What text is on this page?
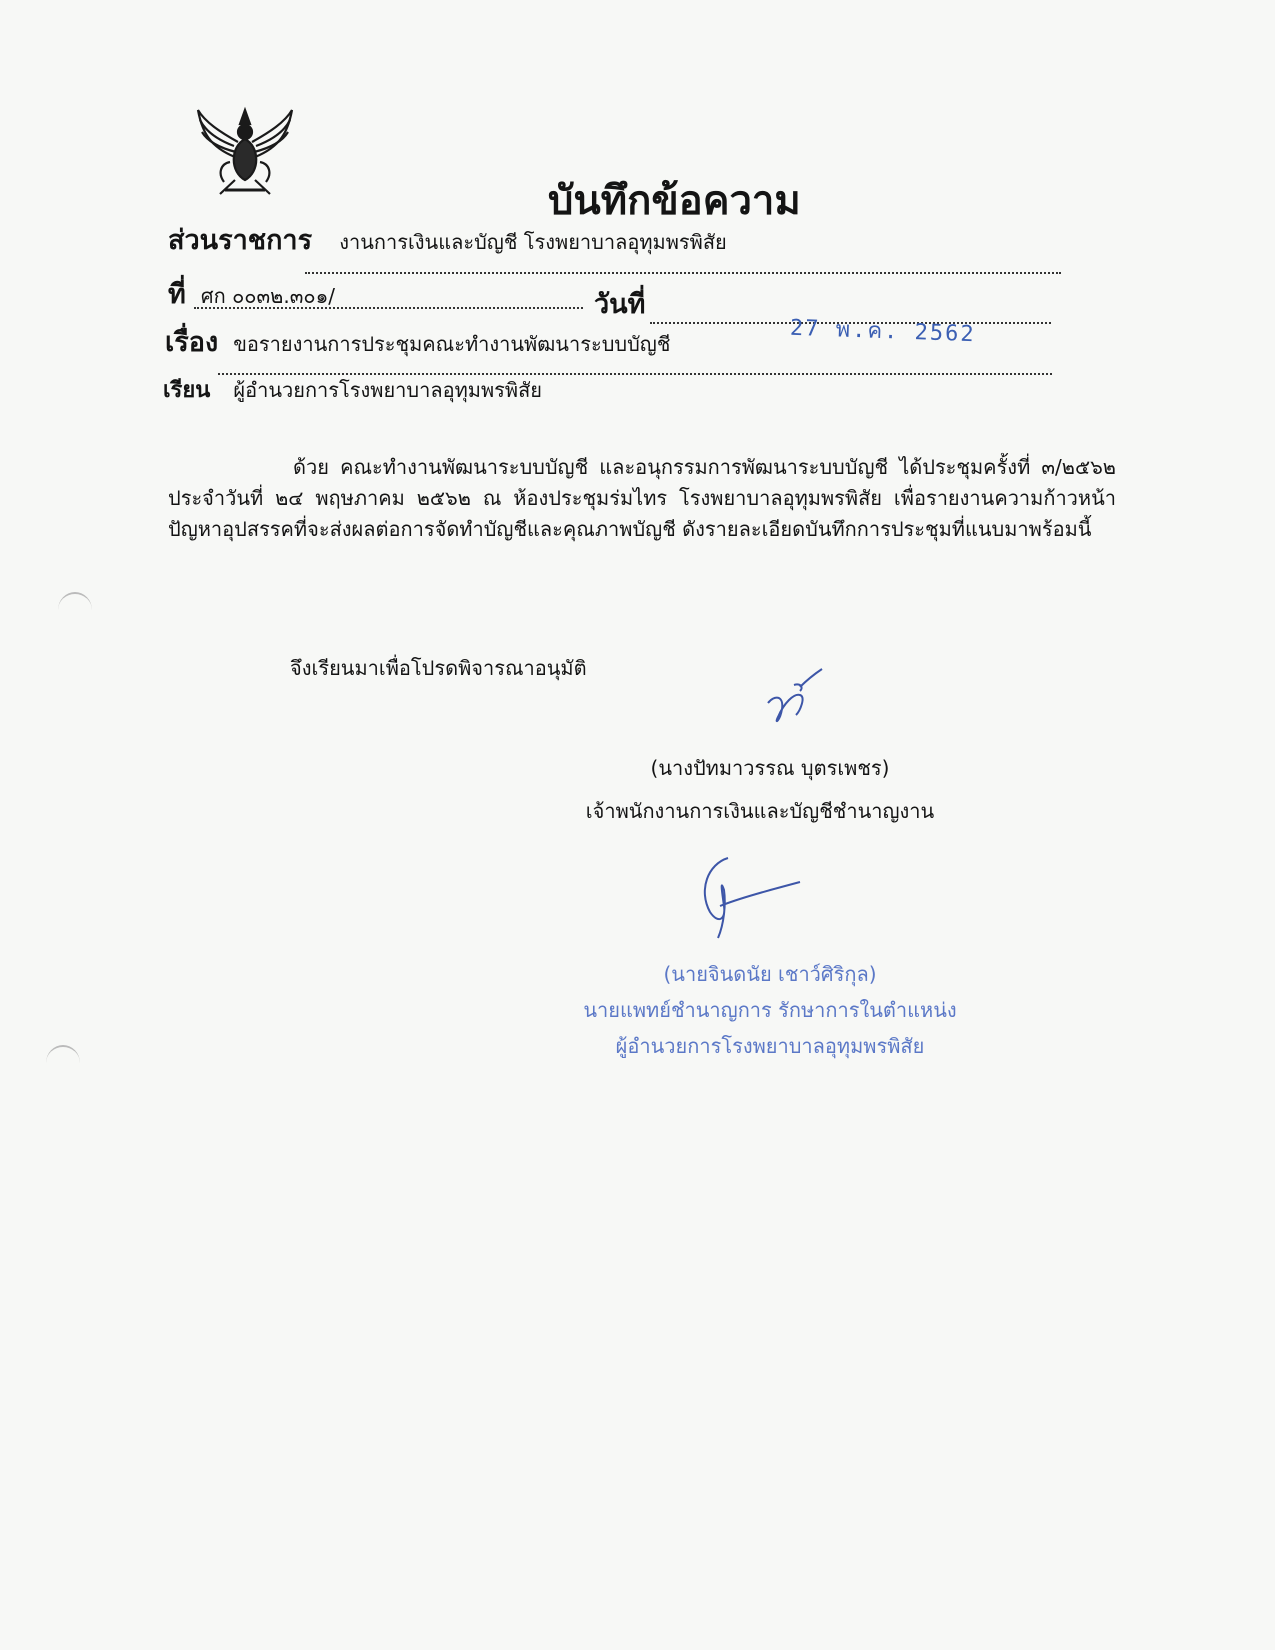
บันทึกข้อความ
ส่วนราชการ งานการเงินและบัญชี โรงพยาบาลอุทุมพรพิสัย
ที่ ศก ๐๐๓๒.๓๐๑/	วันที่
27 พ.ค. 2562
เรื่อง ขอรายงานการประชุมคณะทำงานพัฒนาระบบบัญชี
เรียน ผู้อำนวยการโรงพยาบาลอุทุมพรพิสัย
ด้วย คณะทำงานพัฒนาระบบบัญชี และอนุกรรมการพัฒนาระบบบัญชี ได้ประชุมครั้งที่ ๓/๒๕๖๒ ประจำวันที่ ๒๔ พฤษภาคม ๒๕๖๒ ณ ห้องประชุมร่มไทร โรงพยาบาลอุทุมพรพิสัย เพื่อรายงานความก้าวหน้าปัญหาอุปสรรคที่จะส่งผลต่อการจัดทำบัญชีและคุณภาพบัญชี ดังรายละเอียดบันทึกการประชุมที่แนบมาพร้อมนี้
จึงเรียนมาเพื่อโปรดพิจารณาอนุมัติ
(นางปัทมาวรรณ บุตรเพชร)
เจ้าพนักงานการเงินและบัญชีชำนาญงาน
(นายจินดนัย เชาว์ศิริกุล)
นายแพทย์ชำนาญการ รักษาการในตำแหน่ง
ผู้อำนวยการโรงพยาบาลอุทุมพรพิสัย
